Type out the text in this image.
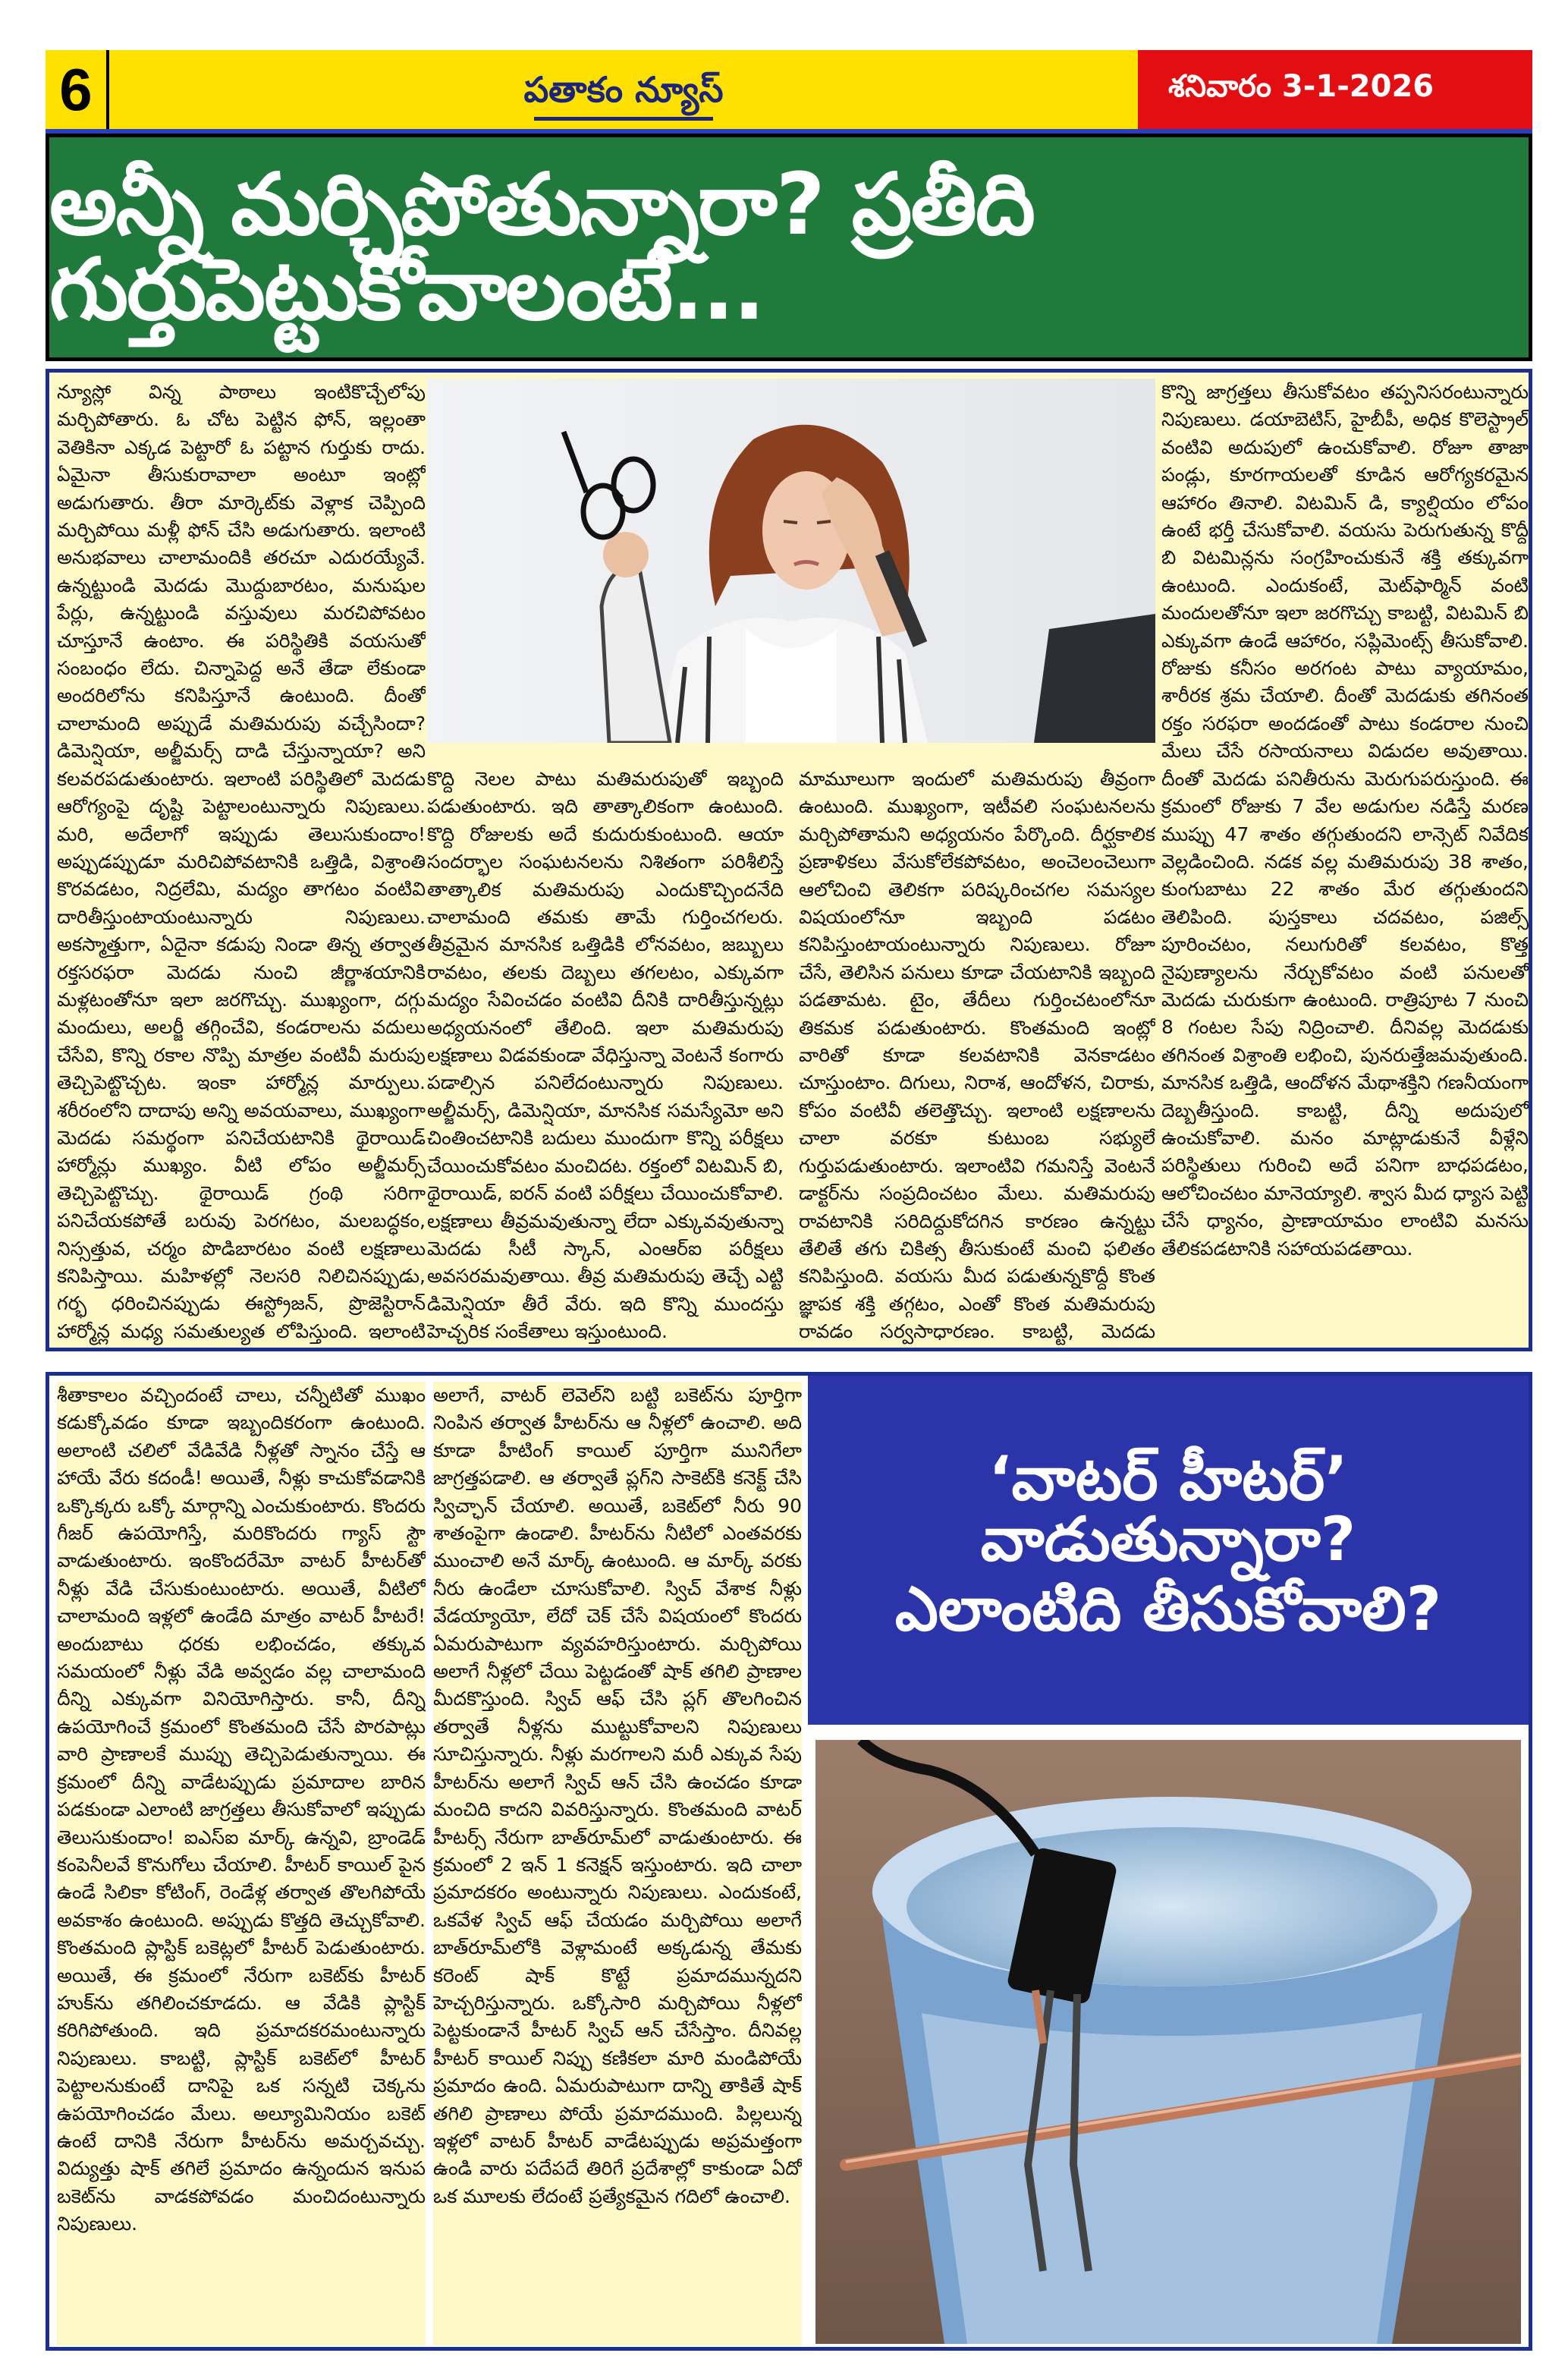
6	పతాకం న్యూస్	శనివారం 3-1-2026
అన్నీ మర్చిపోతున్నారా? ప్రతీది గుర్తుపెట్టుకోవాలంటే...
న్యూస్లో విన్న పాఠాలు ఇంటికొచ్చేలోపు మర్చిపోతారు. ఓ చోట పెట్టిన ఫోన్, ఇల్లంతా వెతికినా ఎక్కడ పెట్టారో ఓ పట్టాన గుర్తుకు రాదు. ఏమైనా తీసుకురావాలా అంటూ ఇంట్లో అడుగుతారు. తీరా మార్కెట్‌కు వెళ్లాక చెప్పింది మర్చిపోయి మళ్లీ ఫోన్ చేసి అడుగుతారు. ఇలాంటి అనుభవాలు చాలామందికి తరచూ ఎదురయ్యేవే. ఉన్నట్టుండి మెదడు మొద్దుబారటం, మనుషుల పేర్లు, ఉన్నట్టుండి వస్తువులు మరచిపోవటం చూస్తూనే ఉంటాం. ఈ పరిస్థితికి వయసుతో సంబంధం లేదు. చిన్నాపెద్ద అనే తేడా లేకుండా అందరిలోను కనిపిస్తూనే ఉంటుంది. దీంతో చాలామంది అప్పుడే మతిమరుపు వచ్చేసిందా? డిమెన్షియా, అల్జీమర్స్ దాడి చేస్తున్నాయా? అని కలవరపడుతుంటారు. ఇలాంటి పరిస్థితిలో మెదడు ఆరోగ్యంపై దృష్టి పెట్టాలంటున్నారు నిపుణులు. మరి, అదేలాగో ఇప్పుడు తెలుసుకుందాం! అప్పుడప్పుడూ మరిచిపోవటానికి ఒత్తిడి, విశ్రాంతి కొరవడటం, నిద్రలేమి, మద్యం తాగటం వంటివి దారితీస్తుంటాయంటున్నారు నిపుణులు. అకస్మాత్తుగా, ఏదైనా కడుపు నిండా తిన్న తర్వాత రక్తసరఫరా మెదడు నుంచి జీర్ణాశయానికి మళ్లటంతోనూ ఇలా జరగొచ్చు. ముఖ్యంగా, దగ్గు మందులు, అలర్జీ తగ్గించేవి, కండరాలను వదులు చేసేవి, కొన్ని రకాల నొప్పి మాత్రల వంటివీ మరుపు తెచ్చిపెట్టొచ్చట. ఇంకా హార్మోన్ల మార్పులు. శరీరంలోని దాదాపు అన్ని అవయవాలు, ముఖ్యంగా మెదడు సమర్థంగా పనిచేయటానికి థైరాయిడ్ హార్మోన్లు ముఖ్యం. వీటి లోపం అల్జీమర్స్ తెచ్చిపెట్టొచ్చు. థైరాయిడ్ గ్రంథి సరిగా పనిచేయకపోతే బరువు పెరగటం, మలబద్ధకం, నిస్సత్తువ, చర్మం పొడిబారటం వంటి లక్షణాలు కనిపిస్తాయి. మహిళల్లో నెలసరి నిలిచినప్పుడు, గర్భ ధరించినప్పుడు ఈస్ట్రోజన్, ప్రొజెస్టిరాన్ హార్మోన్ల మధ్య సమతుల్యత లోపిస్తుంది. ఇలాంటి
కొద్ది నెలల పాటు మతిమరుపుతో ఇబ్బంది పడుతుంటారు. ఇది తాత్కాలికంగా ఉంటుంది. కొద్ది రోజులకు అదే కుదురుకుంటుంది. ఆయా సందర్భాల సంఘటనలను నిశితంగా పరిశీలిస్తే తాత్కాలిక మతిమరుపు ఎందుకొచ్చిందనేది చాలామంది తమకు తామే గుర్తించగలరు. తీవ్రమైన మానసిక ఒత్తిడికి లోనవటం, జబ్బులు రావటం, తలకు దెబ్బలు తగలటం, ఎక్కువగా మద్యం సేవించడం వంటివి దీనికి దారితీస్తున్నట్లు అధ్యయనంలో తేలింది. ఇలా మతిమరుపు లక్షణాలు విడవకుండా వేధిస్తున్నా వెంటనే కంగారు పడాల్సిన పనిలేదంటున్నారు నిపుణులు. అల్జీమర్స్, డిమెన్షియా, మానసిక సమస్యేమో అని చింతించటానికి బదులు ముందుగా కొన్ని పరీక్షలు చేయించుకోవటం మంచిదట. రక్తంలో విటమిన్ బి, థైరాయిడ్, ఐరన్ వంటి పరీక్షలు చేయించుకోవాలి. లక్షణాలు తీవ్రమవుతున్నా లేదా ఎక్కువవుతున్నా మెదడు సీటీ స్కాన్, ఎంఆర్ఐ పరీక్షలు అవసరమవుతాయి. తీవ్ర మతిమరుపు తెచ్చే ఎట్టి డిమెన్షియా తీరే వేరు. ఇది కొన్ని ముందస్తు హెచ్చరిక సంకేతాలు ఇస్తుంటుంది.
మామూలుగా ఇందులో మతిమరుపు తీవ్రంగా ఉంటుంది. ముఖ్యంగా, ఇటీవలి సంఘటనలను మర్చిపోతామని అధ్యయనం పేర్కొంది. దీర్ఘకాలిక ప్రణాళికలు వేసుకోలేకపోవటం, అంచెలంచెలుగా ఆలోచించి తెలికగా పరిష్కరించగల సమస్యల విషయంలోనూ ఇబ్బంది పడటం కనిపిస్తుంటాయంటున్నారు నిపుణులు. రోజూ చేసే, తెలిసిన పనులు కూడా చేయటానికి ఇబ్బంది పడతామట. టైం, తేదీలు గుర్తించటంలోనూ తికమక పడుతుంటారు. కొంతమంది ఇంట్లో వారితో కూడా కలవటానికి వెనకాడటం చూస్తుంటాం. దిగులు, నిరాశ, ఆందోళన, చిరాకు, కోపం వంటివీ తలెత్తొచ్చు. ఇలాంటి లక్షణాలను చాలా వరకూ కుటుంబ సభ్యులే గుర్తుపడుతుంటారు. ఇలాంటివి గమనిస్తే వెంటనే డాక్టర్‌ను సంప్రదించటం మేలు. మతిమరుపు రావటానికి సరిదిద్దుకోదగిన కారణం ఉన్నట్టు తేలితే తగు చికిత్స తీసుకుంటే మంచి ఫలితం కనిపిస్తుంది. వయసు మీద పడుతున్నకొద్దీ కొంత జ్ఞాపక శక్తి తగ్గటం, ఎంతో కొంత మతిమరుపు రావడం సర్వసాధారణం. కాబట్టి, మెదడు
కొన్ని జాగ్రత్తలు తీసుకోవటం తప్పనిసరంటున్నారు నిపుణులు. డయాబెటిస్, హైబీపీ, అధిక కొలెస్ట్రాల్ వంటివి అదుపులో ఉంచుకోవాలి. రోజూ తాజా పండ్లు, కూరగాయలతో కూడిన ఆరోగ్యకరమైన ఆహారం తినాలి. విటమిన్ డి, క్యాల్షియం లోపం ఉంటే భర్తీ చేసుకోవాలి. వయసు పెరుగుతున్న కొద్దీ బి విటమిన్లను సంగ్రహించుకునే శక్తి తక్కువగా ఉంటుంది. ఎందుకంటే, మెట్‌ఫార్మిన్ వంటి మందులతోనూ ఇలా జరగొచ్చు కాబట్టి, విటమిన్ బి ఎక్కువగా ఉండే ఆహారం, సప్లిమెంట్స్ తీసుకోవాలి. రోజుకు కనీసం అరగంట పాటు వ్యాయామం, శారీరక శ్రమ చేయాలి. దీంతో మెదడుకు తగినంత రక్తం సరఫరా అందడంతో పాటు కండరాల నుంచి మేలు చేసే రసాయనాలు విడుదల అవుతాయి. దీంతో మెదడు పనితీరును మెరుగుపరుస్తుంది. ఈ క్రమంలో రోజుకు 7 వేల అడుగుల నడిస్తే మరణ ముప్పు 47 శాతం తగ్గుతుందని లాన్సెట్ నివేదిక వెల్లడించింది. నడక వల్ల మతిమరుపు 38 శాతం, కుంగుబాటు 22 శాతం మేర తగ్గుతుందని తెలిపింది. పుస్తకాలు చదవటం, పజిల్స్ పూరించటం, నలుగురితో కలవటం, కొత్త నైపుణ్యాలను నేర్చుకోవటం వంటి పనులతో మెదడు చురుకుగా ఉంటుంది. రాత్రిపూట 7 నుంచి 8 గంటల సేపు నిద్రించాలి. దీనివల్ల మెదడుకు తగినంత విశ్రాంతి లభించి, పునరుత్తేజమవుతుంది. మానసిక ఒత్తిడి, ఆందోళన మేథాశక్తిని గణనీయంగా దెబ్బతీస్తుంది. కాబట్టి, దీన్ని అదుపులో ఉంచుకోవాలి. మనం మాట్లాడుకునే వీళ్లేని పరిస్థితులు గురించి అదే పనిగా బాధపడటం, ఆలోచించటం మానెయ్యాలి. శ్వాస మీద ధ్యాస పెట్టి చేసే ధ్యానం, ప్రాణాయామం లాంటివి మనసు తేలికపడటానికి సహాయపడతాయి.
శీతాకాలం వచ్చిందంటే చాలు, చన్నీటితో ముఖం కడుక్కోవడం కూడా ఇబ్బందికరంగా ఉంటుంది. అలాంటి చలిలో వేడివేడి నీళ్లతో స్నానం చేస్తే ఆ హాయే వేరు కదండీ! అయితే, నీళ్లు కాచుకోవడానికి ఒక్కొక్కరు ఒక్కో మార్గాన్ని ఎంచుకుంటారు. కొందరు గీజర్ ఉపయోగిస్తే, మరికొందరు గ్యాస్ స్టౌ వాడుతుంటారు. ఇంకొందరేమో వాటర్ హీటర్‌తో నీళ్లు వేడి చేసుకుంటుంటారు. అయితే, వీటిలో చాలామంది ఇళ్లలో ఉండేది మాత్రం వాటర్ హీటరే! అందుబాటు ధరకు లభించడం, తక్కువ సమయంలో నీళ్లు వేడి అవ్వడం వల్ల చాలామంది దీన్ని ఎక్కువగా వినియోగిస్తారు. కానీ, దీన్ని ఉపయోగించే క్రమంలో కొంతమంది చేసే పొరపాట్లు వారి ప్రాణాలకే ముప్పు తెచ్చిపెడుతున్నాయి. ఈ క్రమంలో దీన్ని వాడేటప్పుడు ప్రమాదాల బారిన పడకుండా ఎలాంటి జాగ్రత్తలు తీసుకోవాలో ఇప్పుడు తెలుసుకుందాం! ఐఎస్ఐ మార్క్ ఉన్నవి, బ్రాండెడ్ కంపెనీలవే కొనుగోలు చేయాలి. హీటర్ కాయిల్ పైన ఉండే సిలికా కోటింగ్, రెండేళ్ల తర్వాత తొలగిపోయే అవకాశం ఉంటుంది. అప్పుడు కొత్తది తెచ్చుకోవాలి. కొంతమంది ప్లాస్టిక్ బకెట్లలో హీటర్ పెడుతుంటారు. అయితే, ఈ క్రమంలో నేరుగా బకెట్‌కు హీటర్ హుక్‌ను తగిలించకూడదు. ఆ వేడికి ప్లాస్టిక్ కరిగిపోతుంది. ఇది ప్రమాదకరమంటున్నారు నిపుణులు. కాబట్టి, ప్లాస్టిక్ బకెట్‌లో హీటర్ పెట్టాలనుకుంటే దానిపై ఒక సన్నటి చెక్కను ఉపయోగించడం మేలు. అల్యూమినియం బకెట్ ఉంటే దానికి నేరుగా హీటర్‌ను అమర్చవచ్చు. విద్యుత్తు షాక్ తగిలే ప్రమాదం ఉన్నందున ఇనుప బకెట్‌ను వాడకపోవడం మంచిదంటున్నారు నిపుణులు.
అలాగే, వాటర్ లెవెల్‌ని బట్టి బకెట్‌ను పూర్తిగా నింపిన తర్వాత హీటర్‌ను ఆ నీళ్లలో ఉంచాలి. అది కూడా హీటింగ్ కాయిల్ పూర్తిగా మునిగేలా జాగ్రత్తపడాలి. ఆ తర్వాతే ప్లగ్‌ని సాకెట్‌కి కనెక్ట్ చేసి స్విచ్ఛాన్ చేయాలి. అయితే, బకెట్‌లో నీరు 90 శాతంపైగా ఉండాలి. హీటర్‌ను నీటిలో ఎంతవరకు ముంచాలి అనే మార్క్ ఉంటుంది. ఆ మార్క్ వరకు నీరు ఉండేలా చూసుకోవాలి. స్విచ్ వేశాక నీళ్లు వేడయ్యాయో, లేదో చెక్ చేసే విషయంలో కొందరు ఏమరుపాటుగా వ్యవహరిస్తుంటారు. మర్చిపోయి అలాగే నీళ్లలో చేయి పెట్టడంతో షాక్ తగిలి ప్రాణాల మీదకొస్తుంది. స్విచ్ ఆఫ్ చేసి ప్లగ్ తొలగించిన తర్వాతే నీళ్లను ముట్టుకోవాలని నిపుణులు సూచిస్తున్నారు. నీళ్లు మరగాలని మరీ ఎక్కువ సేపు హీటర్‌ను అలాగే స్విచ్ ఆన్ చేసి ఉంచడం కూడా మంచిది కాదని వివరిస్తున్నారు. కొంతమంది వాటర్ హీటర్స్ నేరుగా బాత్‌రూమ్‌లో వాడుతుంటారు. ఈ క్రమంలో 2 ఇన్ 1 కనెక్షన్ ఇస్తుంటారు. ఇది చాలా ప్రమాదకరం అంటున్నారు నిపుణులు. ఎందుకంటే, ఒకవేళ స్విచ్ ఆఫ్ చేయడం మర్చిపోయి అలాగే బాత్‌రూమ్‌లోకి వెళ్లామంటే అక్కడున్న తేమకు కరెంట్ షాక్ కొట్టే ప్రమాదమున్నదని హెచ్చరిస్తున్నారు. ఒక్కోసారి మర్చిపోయి నీళ్లలో పెట్టకుండానే హీటర్ స్విచ్ ఆన్ చేసేస్తాం. దీనివల్ల హీటర్ కాయిల్ నిప్పు కణికలా మారి మండిపోయే ప్రమాదం ఉంది. ఏమరుపాటుగా దాన్ని తాకితే షాక్ తగిలి ప్రాణాలు పోయే ప్రమాదముంది. పిల్లలున్న ఇళ్లలో వాటర్ హీటర్ వాడేటప్పుడు అప్రమత్తంగా ఉండి వారు పదేపదే తిరిగే ప్రదేశాల్లో కాకుండా ఏదో ఒక మూలకు లేదంటే ప్రత్యేకమైన గదిలో ఉంచాలి.
‘వాటర్ హీటర్’ వాడుతున్నారా?
ఎలాంటిది తీసుకోవాలి?
